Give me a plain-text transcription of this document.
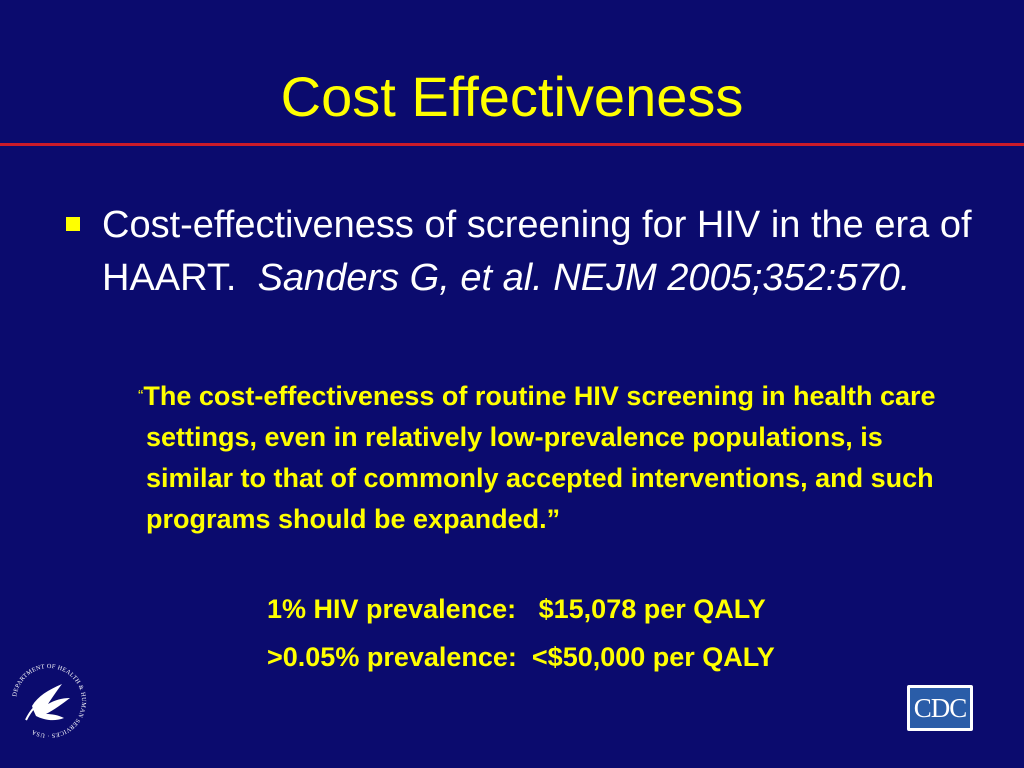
Cost Effectiveness
Cost-effectiveness of screening for HIV in the era of HAART. Sanders G, et al. NEJM 2005;352:570.
“The cost-effectiveness of routine HIV screening in health care settings, even in relatively low-prevalence populations, is similar to that of commonly accepted interventions, and such programs should be expanded.”
1% HIV prevalence:   $15,078 per QALY
>0.05% prevalence:  <$50,000 per QALY
DEPARTMENT OF HEALTH & HUMAN SERVICES · USA
CDC
